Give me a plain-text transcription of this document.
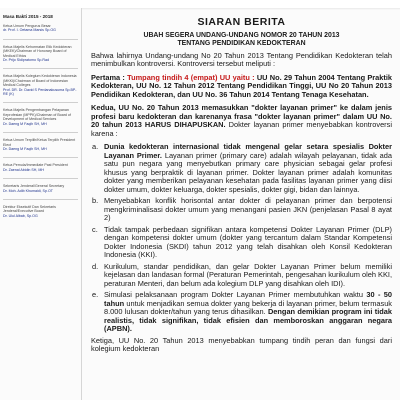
Masa Bakti 2015 - 2018
Ketua Umum Pengurus Besar
dr. Prof. I. Oetama Marsis Sp.OG
Ketua Majelis Kehormatan Etik Kedokteran (MKEK)/Chairman of Honorary Board of Medical Ethics
Dr. Prijo Sidipratomo Sp.Rad
Ketua Majelis Kolegium Kedokteran Indonesia (MKKI)/Chairman of Board of Indonesian Medical Colleges
Prof. DR. Dr. David S Perdanakusuma Sp.BP-RE (K)
Ketua Majelis Pengembangan Pelayanan Keprofesian (MPPK)/Chairman of Board of Development of Medical Services
Dr. Daeng M Faqih SH, MH
Ketua Umum Terpilih/Ketua Terpilih President Elect
Dr. Daeng M Faqih SH, MH
Ketua Pemula/Immediate Past President
Dr. Zaenal Abidin SH, MH
Sekretaris Jenderal/General Secretary
Dr. Moh. Adib Khumaidi, Sp.OT
Direktur Eksekutif Dan Sekretaris Jenderal/Executive Board
Dr. Ulul Albab, Sp.OG
SIARAN BERITA
UBAH SEGERA UNDANG-UNDANG NOMOR 20 TAHUN 2013
TENTANG PENDIDIKAN KEDOKTERAN

Bahwa lahirnya Undang-undang No 20 Tahun 2013 Tentang Pendidikan Kedokteran telah menimbulkan kontroversi. Kontroversi tersebut meliputi :

Pertama : Tumpang tindih 4 (empat) UU yaitu : UU No. 29 Tahun 2004 Tentang Praktik Kedokteran, UU No. 12 Tahun 2012 Tentang Pendidikan Tinggi, UU No 20 Tahun 2013 Pendidikan Kedokteran, dan UU No. 36 Tahun 2014 Tentang Tenaga Kesehatan.

Kedua, UU No. 20 Tahun 2013 memasukkan "dokter layanan primer" ke dalam jenis profesi baru kedokteran dan karenanya frasa "dokter layanan primer" dalam UU No. 20 tahun 2013 HARUS DIHAPUSKAN. Dokter layanan primer menyebabkan kontroversi karena :

a. Dunia kedokteran internasional tidak mengenal gelar setara spesialis Dokter Layanan Primer. Layanan primer (primary care) adalah wilayah pelayanan, tidak ada satu pun negara yang menyebutkan primary care physician sebagai gelar profesi khusus yang berpraktik di layanan primer. Dokter layanan primer adalah komunitas dokter yang memberikan pelayanan kesehatan pada fasilitas layanan primer yang diisi dokter umum, dokter keluarga, dokter spesialis, dokter gigi, bidan dan lainnya.
b. Menyebabkan konflik horisontal antar dokter di pelayanan primer dan berpotensi mengkriminalisasi dokter umum yang menangani pasien JKN (penjelasan Pasal 8 ayat 2)
c. Tidak tampak perbedaan signifikan antara kompetensi Dokter Layanan Primer (DLP) dengan kompetensi dokter umum (dokter yang tercantum dalam Standar Kompetensi Dokter Indonesia (SKDI) tahun 2012 yang telah disahkan oleh Konsil Kedokteran Indonesia (KKI).
d. Kurikulum, standar pendidikan, dan gelar Dokter Layanan Primer belum memiliki kejelasan dan landasan formal (Peraturan Pemerintah, pengesahan kurikulum oleh KKI, peraturan Menteri, dan belum ada kolegium DLP yang disahkan oleh IDI).
e. Simulasi pelaksanaan program Dokter Layanan Primer membutuhkan waktu 30 - 50 tahun untuk menjadikan semua dokter yang bekerja di layanan primer, belum termasuk 8.000 lulusan dokter/tahun yang terus dihasilkan. Dengan demikian program ini tidak realistis, tidak signifikan, tidak efisien dan memboroskan anggaran negara (APBN).

Ketiga, UU No. 20 Tahun 2013 menyebabkan tumpang tindih peran dan fungsi dari kolegium kedokteran
